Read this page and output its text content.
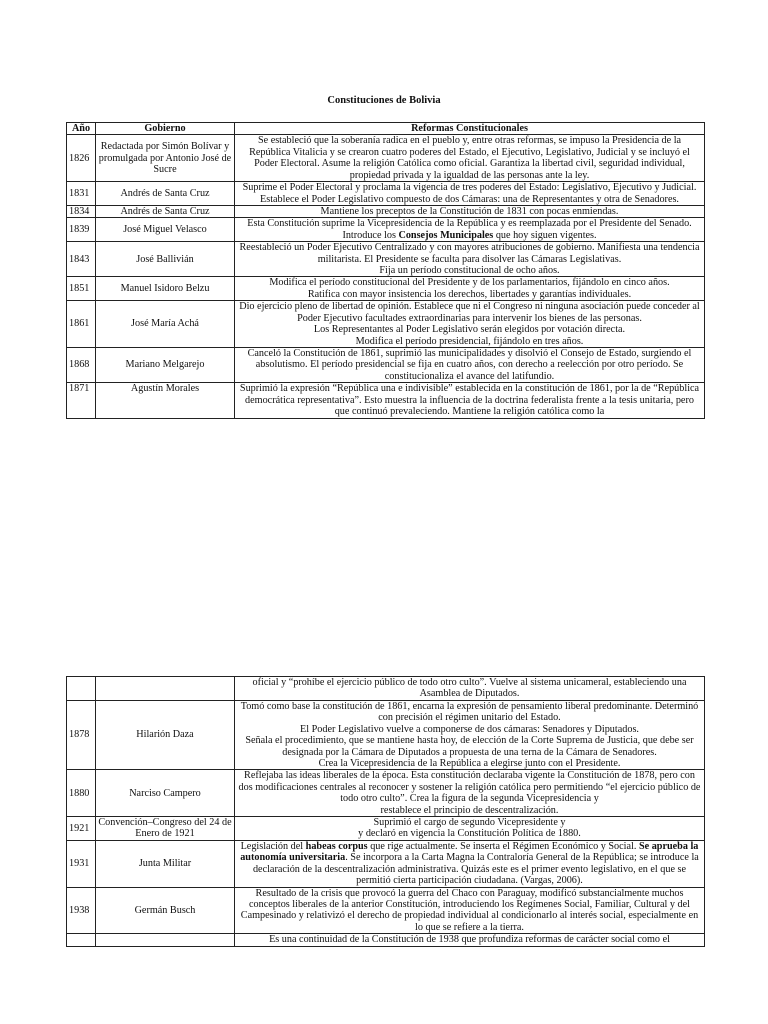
Constituciones de Bolivia
Año	Gobierno	Reformas Constitucionales
1826	Redactada por Simón Bolívar y promulgada por Antonio José de Sucre	Se estableció que la soberanía radica en el pueblo y, entre otras reformas, se impuso la Presidencia de la República Vitalicia y se crearon cuatro poderes del Estado, el Ejecutivo, Legislativo, Judicial y se incluyó el Poder Electoral. Asume la religión Católica como oficial. Garantiza la libertad civil, seguridad individual, propiedad privada y la igualdad de las personas ante la ley.

1831	Andrés de Santa Cruz	Suprime el Poder Electoral y proclama la vigencia de tres poderes del Estado: Legislativo, Ejecutivo y Judicial.
Establece el Poder Legislativo compuesto de dos Cámaras: una de Representantes y otra de Senadores.

1834	Andrés de Santa Cruz	Mantiene los preceptos de la Constitución de 1831 con pocas enmiendas.

1839	José Miguel Velasco	Esta Constitución suprime la Vicepresidencia de la República y es reemplazada por el Presidente del Senado. Introduce los Consejos Municipales que hoy siguen vigentes.

1843	José Ballivián	Reestableció un Poder Ejecutivo Centralizado y con mayores atribuciones de gobierno. Manifiesta una tendencia militarista. El Presidente se faculta para disolver las Cámaras Legislativas.
Fija un período constitucional de ocho años.

1851	Manuel Isidoro Belzu	Modifica el período constitucional del Presidente y de los parlamentarios, fijándolo en cinco años.
Ratifica con mayor insistencia los derechos, libertades y garantías individuales.

1861	José María Achá	Dio ejercicio pleno de libertad de opinión. Establece que ni el Congreso ni ninguna asociación puede conceder al Poder Ejecutivo facultades extraordinarias para intervenir los bienes de las personas.
Los Representantes al Poder Legislativo serán elegidos por votación directa.
Modifica el período presidencial, fijándolo en tres años.

1868	Mariano Melgarejo	Canceló la Constitución de 1861, suprimió las municipalidades y disolvió el Consejo de Estado, surgiendo el absolutismo. El período presidencial se fija en cuatro años, con derecho a reelección por otro período. Se constitucionaliza el avance del latifundio.

1871	Agustín Morales	Suprimió la expresión “República una e indivisible” establecida en la constitución de 1861, por la de “República democrática representativa”. Esto muestra la influencia de la doctrina federalista frente a la tesis unitaria, pero que continuó prevaleciendo. Mantiene la religión católica como la

		oficial y “prohíbe el ejercicio público de todo otro culto”. Vuelve al sistema unicameral, estableciendo una Asamblea de Diputados.

1878	Hilarión Daza	Tomó como base la constitución de 1861, encarna la expresión de pensamiento liberal predominante. Determinó con precisión el régimen unitario del Estado.
El Poder Legislativo vuelve a componerse de dos cámaras: Senadores y Diputados.
Señala el procedimiento, que se mantiene hasta hoy, de elección de la Corte Suprema de Justicia, que debe ser designada por la Cámara de Diputados a propuesta de una terna de la Cámara de Senadores.
Crea la Vicepresidencia de la República a elegirse junto con el Presidente.

1880	Narciso Campero	Reflejaba las ideas liberales de la época. Esta constitución declaraba vigente la Constitución de 1878, pero con dos modificaciones centrales al reconocer y sostener la religión católica pero permitiendo “el ejercicio público de todo otro culto”. Crea la figura de la segunda Vicepresidencia y
restablece el principio de descentralización.

1921	Convención–Congreso del 24 de Enero de 1921	Suprimió el cargo de segundo Vicepresidente y
y declaró en vigencia la Constitución Política de 1880.

1931	Junta Militar	Legislación del habeas corpus que rige actualmente. Se inserta el Régimen Económico y Social. Se aprueba la autonomía universitaria. Se incorpora a la Carta Magna la Contraloría General de la República; se introduce la declaración de la descentralización administrativa. Quizás este es el primer evento legislativo, en el que se permitió cierta participación ciudadana. (Vargas, 2006).

1938	Germán Busch	Resultado de la crisis que provocó la guerra del Chaco con Paraguay, modificó substancialmente muchos conceptos liberales de la anterior Constitución, introduciendo los Regímenes Social, Familiar, Cultural y del Campesinado y relativizó el derecho de propiedad individual al condicionarlo al interés social, especialmente en lo que se refiere a la tierra.

		Es una continuidad de la Constitución de 1938 que profundiza reformas de carácter social como el
